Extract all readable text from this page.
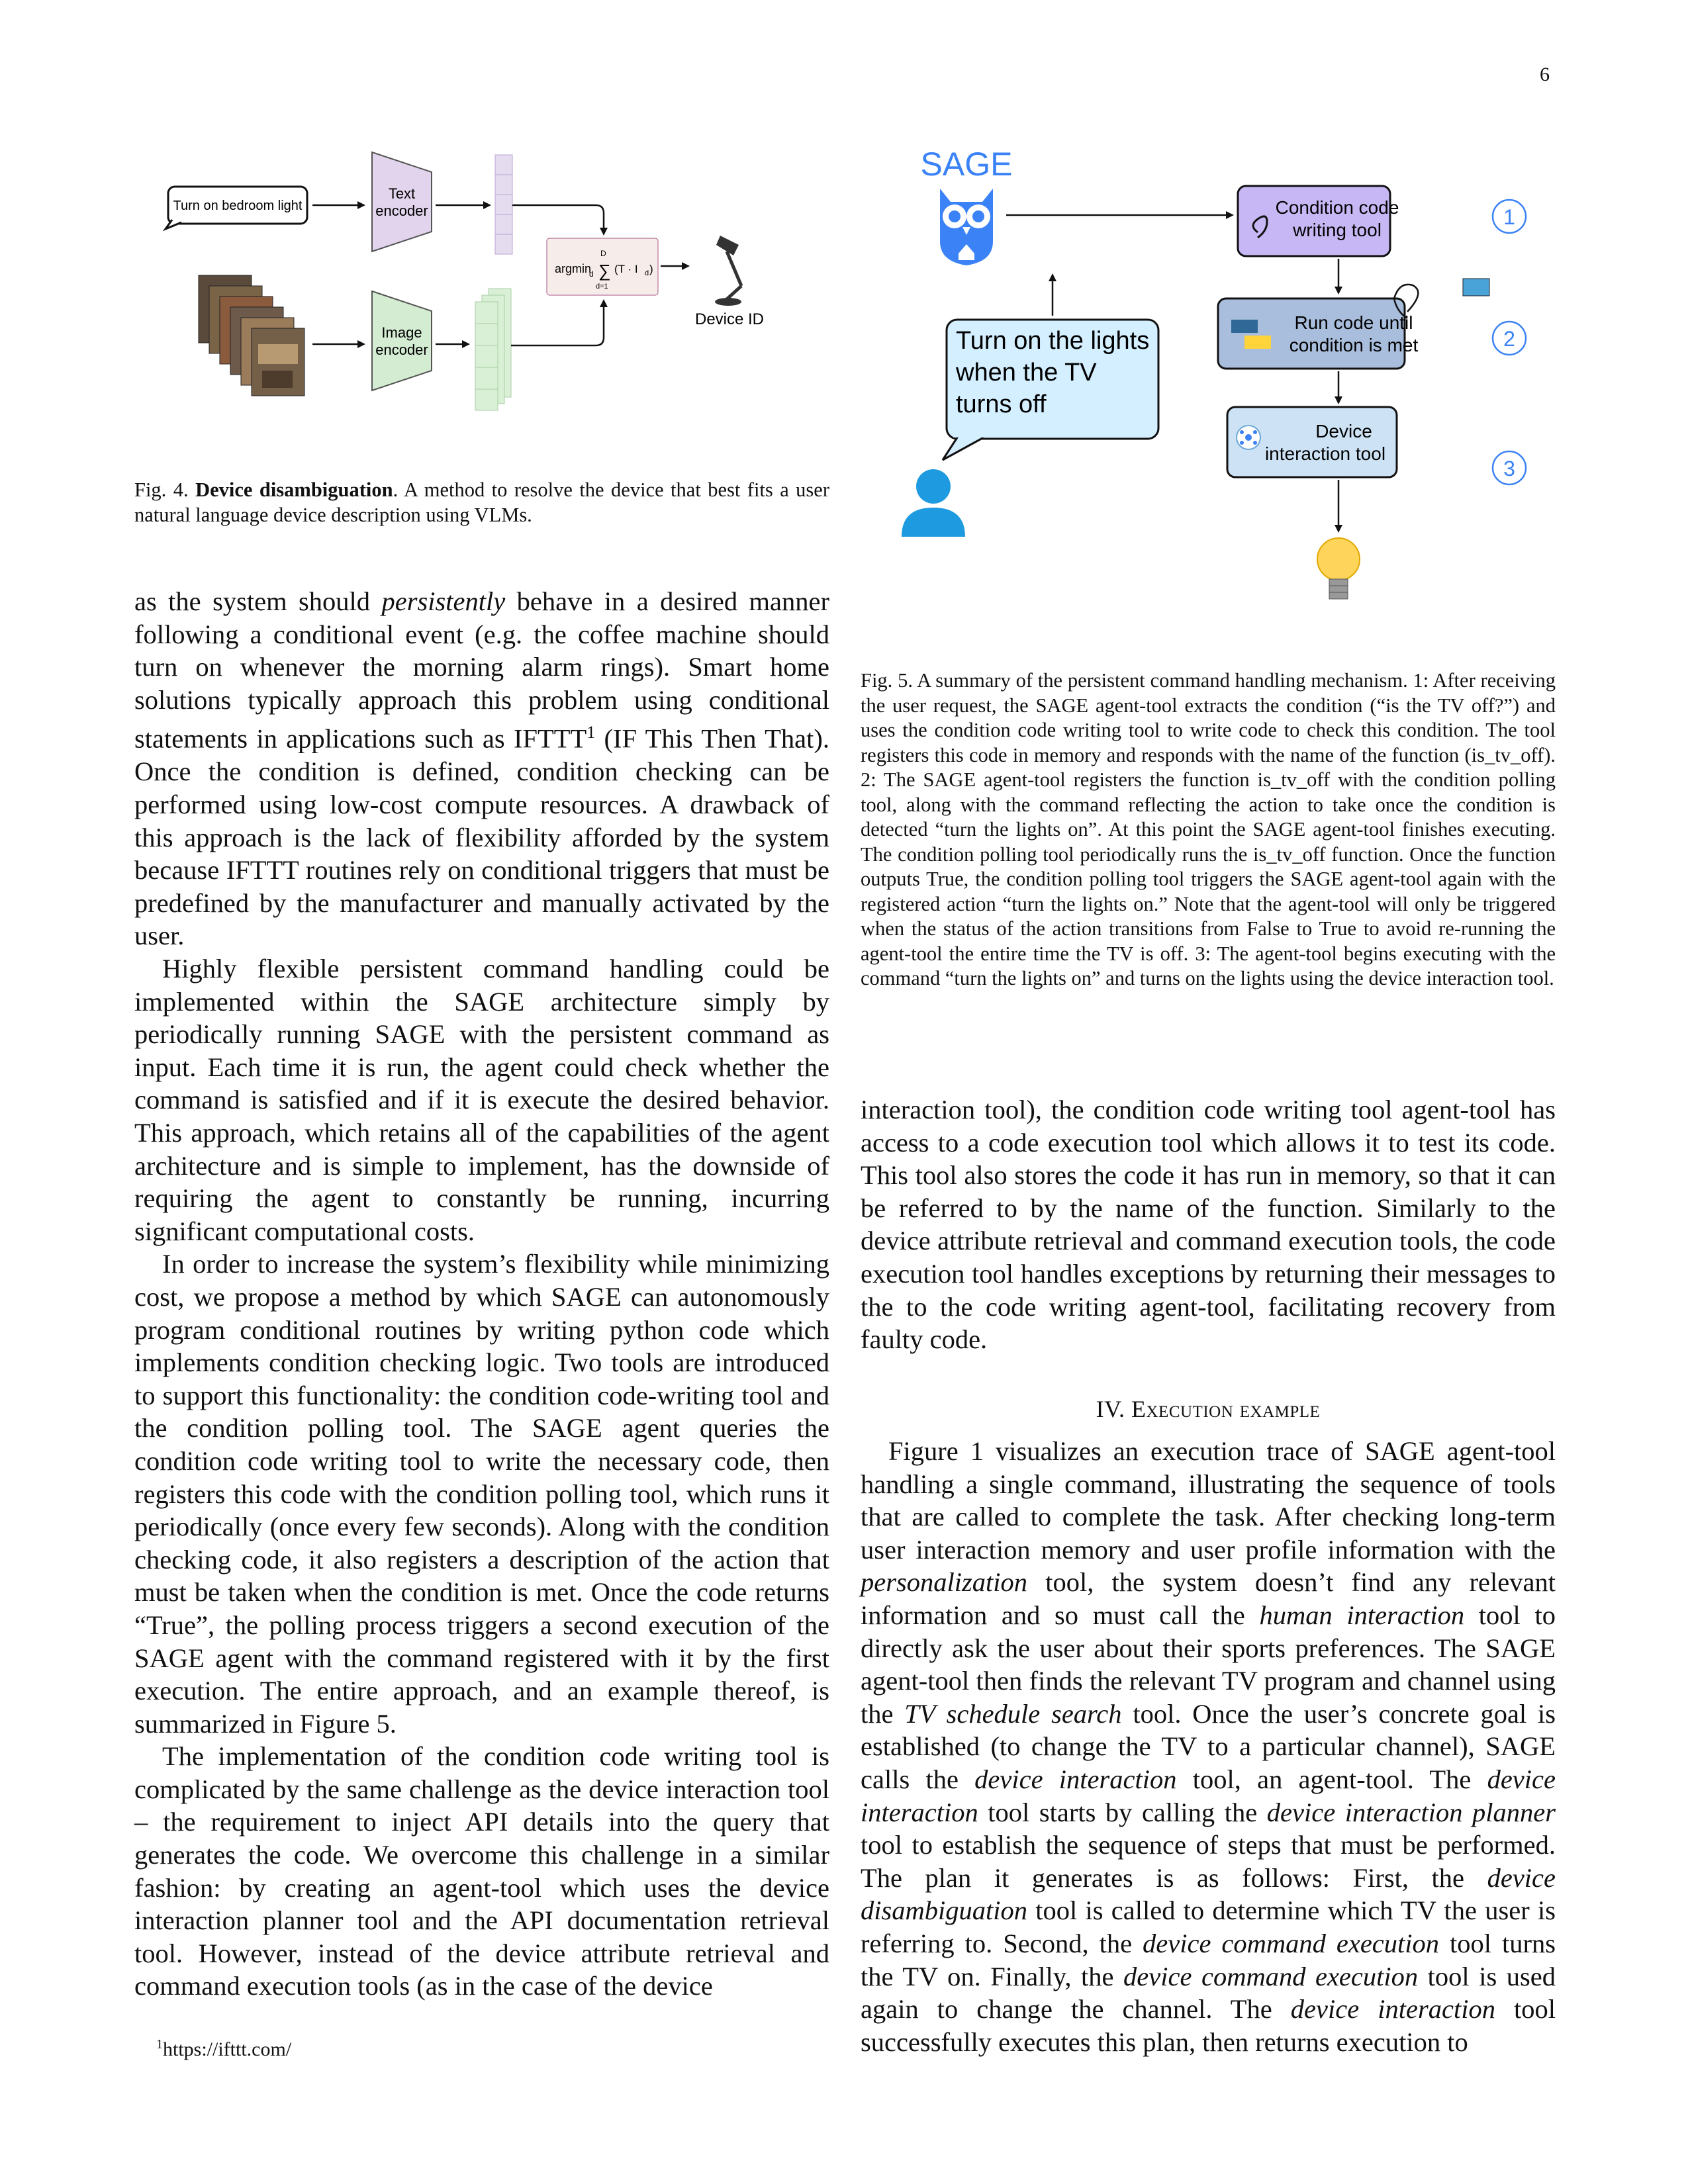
6
Turn on bedroom light
Text
encoder
argmin
d
D
∑
d=1
(T · I d )
Device ID
Image
encoder
Fig. 4. Device disambiguation. A method to resolve the device that best fits a user natural language device description using VLMs.
SAGE
Condition code
writing tool
1
Run code until
condition is met	2
Device
interaction tool
3
Turn on the lights
when the TV
turns off
Fig. 5. A summary of the persistent command handling mechanism. 1: After receiving the user request, the SAGE agent-tool extracts the condition (“is the TV off?”) and uses the condition code writing tool to write code to check this condition. The tool registers this code in memory and responds with the name of the function (is_tv_off). 2: The SAGE agent-tool registers the function is_tv_off with the condition polling tool, along with the command reflecting the action to take once the condition is detected “turn the lights on”. At this point the SAGE agent-tool finishes executing. The condition polling tool periodically runs the is_tv_off function. Once the function outputs True, the condition polling tool triggers the SAGE agent-tool again with the registered action “turn the lights on.” Note that the agent-tool will only be triggered when the status of the action transitions from False to True to avoid re-running the agent-tool the entire time the TV is off. 3: The agent-tool begins executing with the command “turn the lights on” and turns on the lights using the device interaction tool.

as the system should persistently behave in a desired manner following a conditional event (e.g. the coffee machine should turn on whenever the morning alarm rings). Smart home solutions typically approach this problem using conditional statements in applications such as IFTTT$^1$ (IF This Then That). Once the condition is defined, condition checking can be performed using low-cost compute resources. A drawback of this approach is the lack of flexibility afforded by the system because IFTTT routines rely on conditional triggers that must be predefined by the manufacturer and manually activated by the user.

Highly flexible persistent command handling could be implemented within the SAGE architecture simply by periodically running SAGE with the persistent command as input. Each time it is run, the agent could check whether the command is satisfied and if it is execute the desired behavior. This approach, which retains all of the capabilities of the agent architecture and is simple to implement, has the downside of requiring the agent to constantly be running, incurring significant computational costs.

In order to increase the system’s flexibility while minimizing cost, we propose a method by which SAGE can autonomously program conditional routines by writing python code which implements condition checking logic. Two tools are introduced to support this functionality: the condition code-writing tool and the condition polling tool. The SAGE agent queries the condition code writing tool to write the necessary code, then registers this code with the condition polling tool, which runs it periodically (once every few seconds). Along with the condition checking code, it also registers a description of the action that must be taken when the condition is met. Once the code returns “True”, the polling process triggers a second execution of the SAGE agent with the command registered with it by the first execution. The entire approach, and an example thereof, is summarized in Figure 5.

The implementation of the condition code writing tool is complicated by the same challenge as the device interaction tool – the requirement to inject API details into the query that generates the code. We overcome this challenge in a similar fashion: by creating an agent-tool which uses the device interaction planner tool and the API documentation retrieval tool. However, instead of the device attribute retrieval and command execution tools (as in the case of the device

$^1$https://ifttt.com/

interaction tool), the condition code writing tool agent-tool has access to a code execution tool which allows it to test its code. This tool also stores the code it has run in memory, so that it can be referred to by the name of the function. Similarly to the device attribute retrieval and command execution tools, the code execution tool handles exceptions by returning their messages to the to the code writing agent-tool, facilitating recovery from faulty code.

IV. Execution example

Figure 1 visualizes an execution trace of SAGE agent-tool handling a single command, illustrating the sequence of tools that are called to complete the task. After checking long-term user interaction memory and user profile information with the personalization tool, the system doesn’t find any relevant information and so must call the human interaction tool to directly ask the user about their sports preferences. The SAGE agent-tool then finds the relevant TV program and channel using the TV schedule search tool. Once the user’s concrete goal is established (to change the TV to a particular channel), SAGE calls the device interaction tool, an agent-tool. The device interaction tool starts by calling the device interaction planner tool to establish the sequence of steps that must be performed. The plan it generates is as follows: First, the device disambiguation tool is called to determine which TV the user is referring to. Second, the device command execution tool turns the TV on. Finally, the device command execution tool is used again to change the channel. The device interaction tool successfully executes this plan, then returns execution to
